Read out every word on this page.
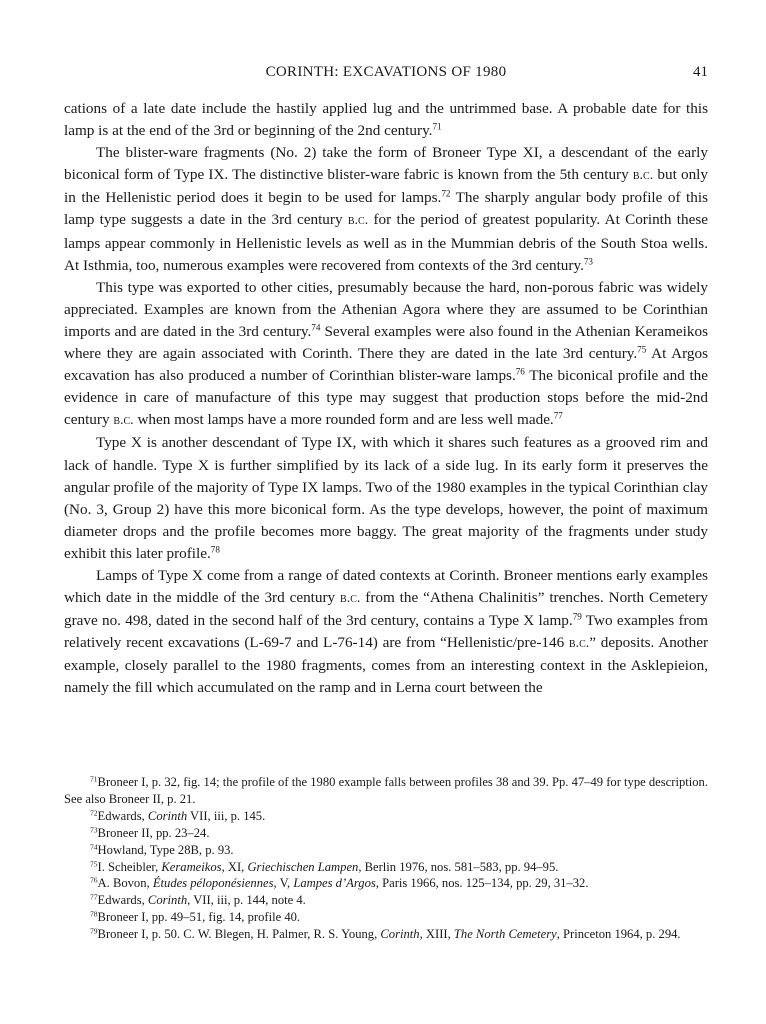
CORINTH: EXCAVATIONS OF 1980	41

cations of a late date include the hastily applied lug and the untrimmed base. A probable date for this lamp is at the end of the 3rd or beginning of the 2nd century.$^{71}$

The blister-ware fragments (No. 2) take the form of Broneer Type XI, a descendant of the early biconical form of Type IX. The distinctive blister-ware fabric is known from the 5th century b.c. but only in the Hellenistic period does it begin to be used for lamps.$^{72}$ The sharply angular body profile of this lamp type suggests a date in the 3rd century b.c. for the period of greatest popularity. At Corinth these lamps appear commonly in Hellenistic levels as well as in the Mummian debris of the South Stoa wells. At Isthmia, too, numerous examples were recovered from contexts of the 3rd century.$^{73}$

This type was exported to other cities, presumably because the hard, non-porous fabric was widely appreciated. Examples are known from the Athenian Agora where they are assumed to be Corinthian imports and are dated in the 3rd century.$^{74}$ Several examples were also found in the Athenian Kerameikos where they are again associated with Corinth. There they are dated in the late 3rd century.$^{75}$ At Argos excavation has also produced a number of Corinthian blister-ware lamps.$^{76}$ The biconical profile and the evidence in care of manufacture of this type may suggest that production stops before the mid-2nd century b.c. when most lamps have a more rounded form and are less well made.$^{77}$

Type X is another descendant of Type IX, with which it shares such features as a grooved rim and lack of handle. Type X is further simplified by its lack of a side lug. In its early form it preserves the angular profile of the majority of Type IX lamps. Two of the 1980 examples in the typical Corinthian clay (No. 3, Group 2) have this more biconical form. As the type develops, however, the point of maximum diameter drops and the profile becomes more baggy. The great majority of the fragments under study exhibit this later profile.$^{78}$

Lamps of Type X come from a range of dated contexts at Corinth. Broneer mentions early examples which date in the middle of the 3rd century b.c. from the “Athena Chalinitis” trenches. North Cemetery grave no. 498, dated in the second half of the 3rd century, contains a Type X lamp.$^{79}$ Two examples from relatively recent excavations (L-69-7 and L-76-14) are from “Hellenistic/pre-146 b.c.” deposits. Another example, closely parallel to the 1980 fragments, comes from an interesting context in the Asklepieion, namely the fill which accumulated on the ramp and in Lerna court between the

$^{71}$Broneer I, p. 32, fig. 14; the profile of the 1980 example falls between profiles 38 and 39. Pp. 47–49 for type description. See also Broneer II, p. 21.

$^{72}$Edwards, Corinth VII, iii, p. 145.

$^{73}$Broneer II, pp. 23–24.

$^{74}$Howland, Type 28B, p. 93.

$^{75}$I. Scheibler, Kerameikos, XI, Griechischen Lampen, Berlin 1976, nos. 581–583, pp. 94–95.

$^{76}$A. Bovon, Études péloponésiennes, V, Lampes d’Argos, Paris 1966, nos. 125–134, pp. 29, 31–32.

$^{77}$Edwards, Corinth, VII, iii, p. 144, note 4.

$^{78}$Broneer I, pp. 49–51, fig. 14, profile 40.

$^{79}$Broneer I, p. 50. C. W. Blegen, H. Palmer, R. S. Young, Corinth, XIII, The North Cemetery, Princeton 1964, p. 294.
